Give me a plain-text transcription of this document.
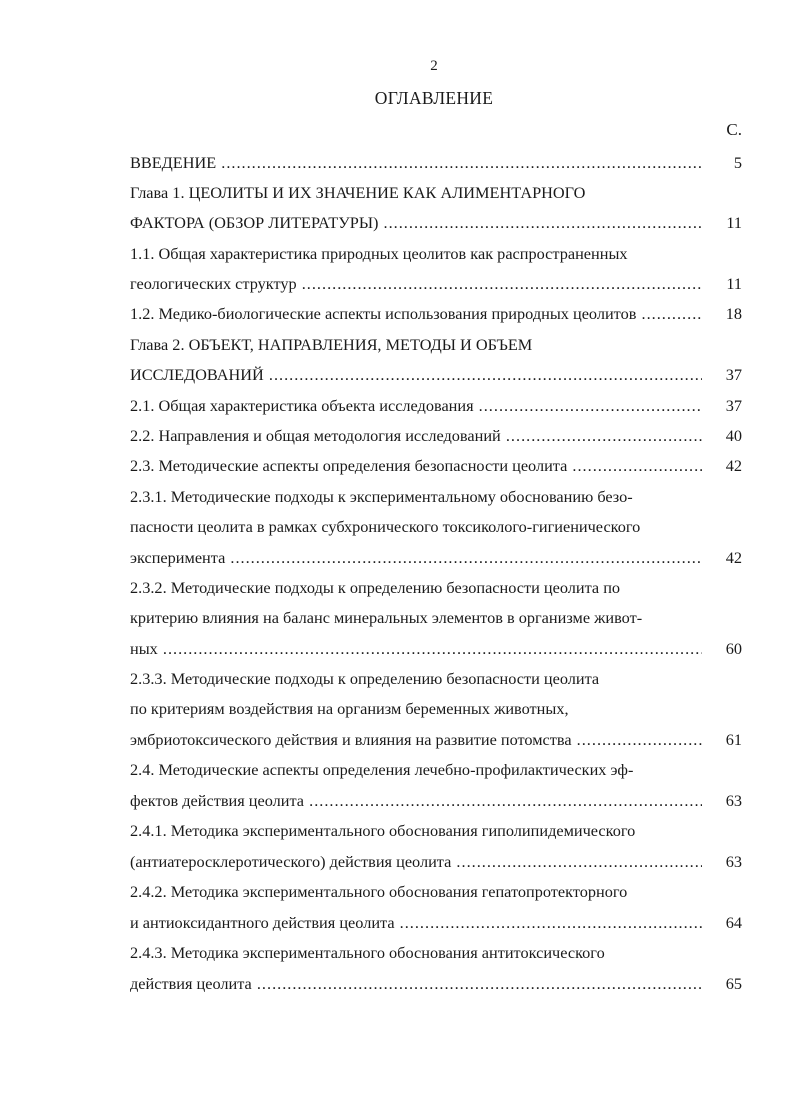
2
ОГЛАВЛЕНИЕ
С.
ВВЕДЕНИЕ .....	5
Глава 1. ЦЕОЛИТЫ И ИХ ЗНАЧЕНИЕ КАК АЛИМЕНТАРНОГО
ФАКТОРА (ОБЗОР ЛИТЕРАТУРЫ) .....	11
1.1. Общая характеристика природных цеолитов как распространенных
геологических структур .....	11
1.2. Медико-биологические аспекты использования природных цеолитов .....	18
Глава 2. ОБЪЕКТ, НАПРАВЛЕНИЯ, МЕТОДЫ И ОБЪЕМ
ИССЛЕДОВАНИЙ .....	37
2.1. Общая характеристика объекта исследования .....	37
2.2. Направления и общая методология исследований .....	40
2.3. Методические аспекты определения безопасности цеолита .....	42
2.3.1. Методические подходы к экспериментальному обоснованию безо-
пасности цеолита в рамках субхронического токсиколого-гигиенического
эксперимента .....	42
2.3.2. Методические подходы к определению безопасности цеолита по
критерию влияния на баланс минеральных элементов в организме живот-
ных .....	60
2.3.3. Методические подходы к определению безопасности цеолита
по критериям воздействия на организм беременных животных,
эмбриотоксического действия и влияния на развитие потомства .....	61
2.4. Методические аспекты определения лечебно-профилактических эф-
фектов действия цеолита .....	63
2.4.1. Методика экспериментального обоснования гиполипидемического
(антиатеросклеротического) действия цеолита .....	63
2.4.2. Методика экспериментального обоснования гепатопротекторного
и антиоксидантного действия цеолита .....	64
2.4.3. Методика экспериментального обоснования антитоксического
действия цеолита .....	65
